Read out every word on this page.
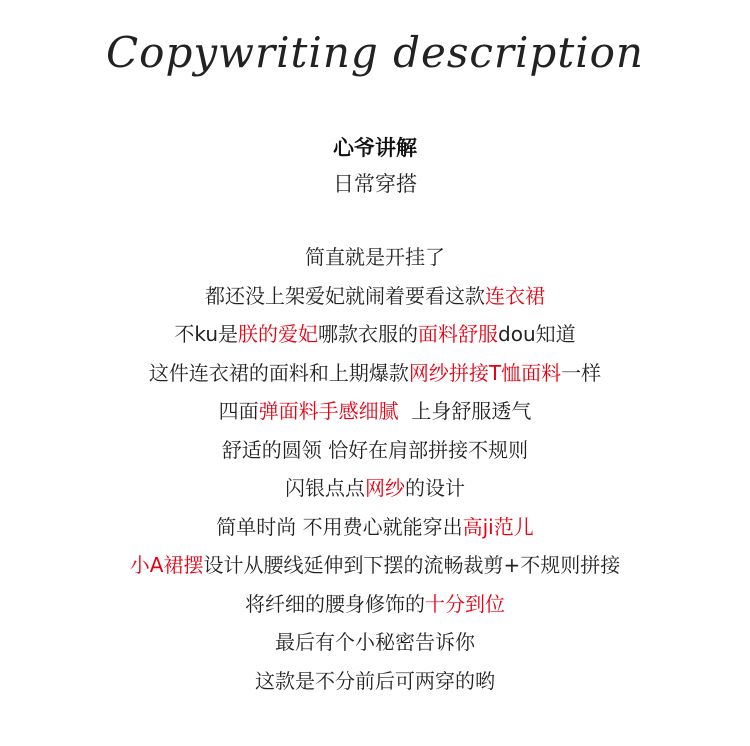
Copywriting description
心爷讲解
日常穿搭
简直就是开挂了
都还没上架爱妃就闹着要看这款连衣裙
不ku是朕的爱妃哪款衣服的面料舒服dou知道
这件连衣裙的面料和上期爆款网纱拼接T恤面料一样
四面弹面料手感细腻  上身舒服透气
舒适的圆领 恰好在肩部拼接不规则
闪银点点网纱的设计
简单时尚 不用费心就能穿出高ji范儿
小A裙摆设计从腰线延伸到下摆的流畅裁剪+不规则拼接
将纤细的腰身修饰的十分到位
最后有个小秘密告诉你
这款是不分前后可两穿的哟
